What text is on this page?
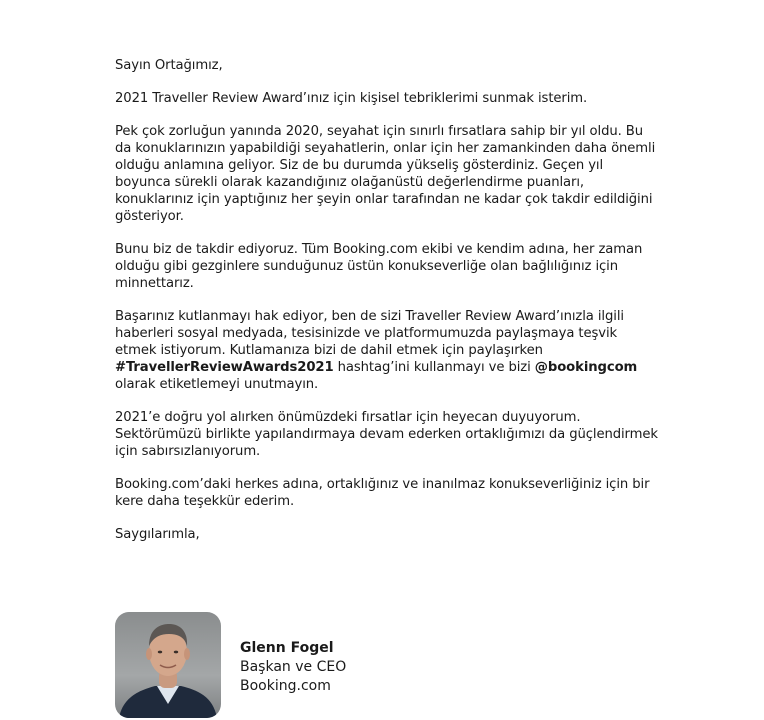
Sayın Ortağımız,

2021 Traveller Review Award’ınız için kişisel tebriklerimi sunmak isterim.

Pek çok zorluğun yanında 2020, seyahat için sınırlı fırsatlara sahip bir yıl oldu. Bu da konuklarınızın yapabildiği seyahatlerin, onlar için her zamankinden daha önemli olduğu anlamına geliyor. Siz de bu durumda yükseliş gösterdiniz. Geçen yıl boyunca sürekli olarak kazandığınız olağanüstü değerlendirme puanları, konuklarınız için yaptığınız her şeyin onlar tarafından ne kadar çok takdir edildiğini gösteriyor.

Bunu biz de takdir ediyoruz. Tüm Booking.com ekibi ve kendim adına, her zaman olduğu gibi gezginlere sunduğunuz üstün konukseverliğe olan bağlılığınız için minnettarız.

Başarınız kutlanmayı hak ediyor, ben de sizi Traveller Review Award’ınızla ilgili haberleri sosyal medyada, tesisinizde ve platformumuzda paylaşmaya teşvik etmek istiyorum. Kutlamanıza bizi de dahil etmek için paylaşırken #TravellerReviewAwards2021 hashtag’ini kullanmayı ve bizi @bookingcom olarak etiketlemeyi unutmayın.

2021’e doğru yol alırken önümüzdeki fırsatlar için heyecan duyuyorum. Sektörümüzü birlikte yapılandırmaya devam ederken ortaklığımızı da güçlendirmek için sabırsızlanıyorum.

Booking.com’daki herkes adına, ortaklığınız ve inanılmaz konukseverliğiniz için bir kere daha teşekkür ederim.

Saygılarımla,

Glenn Fogel
Başkan ve CEO
Booking.com
